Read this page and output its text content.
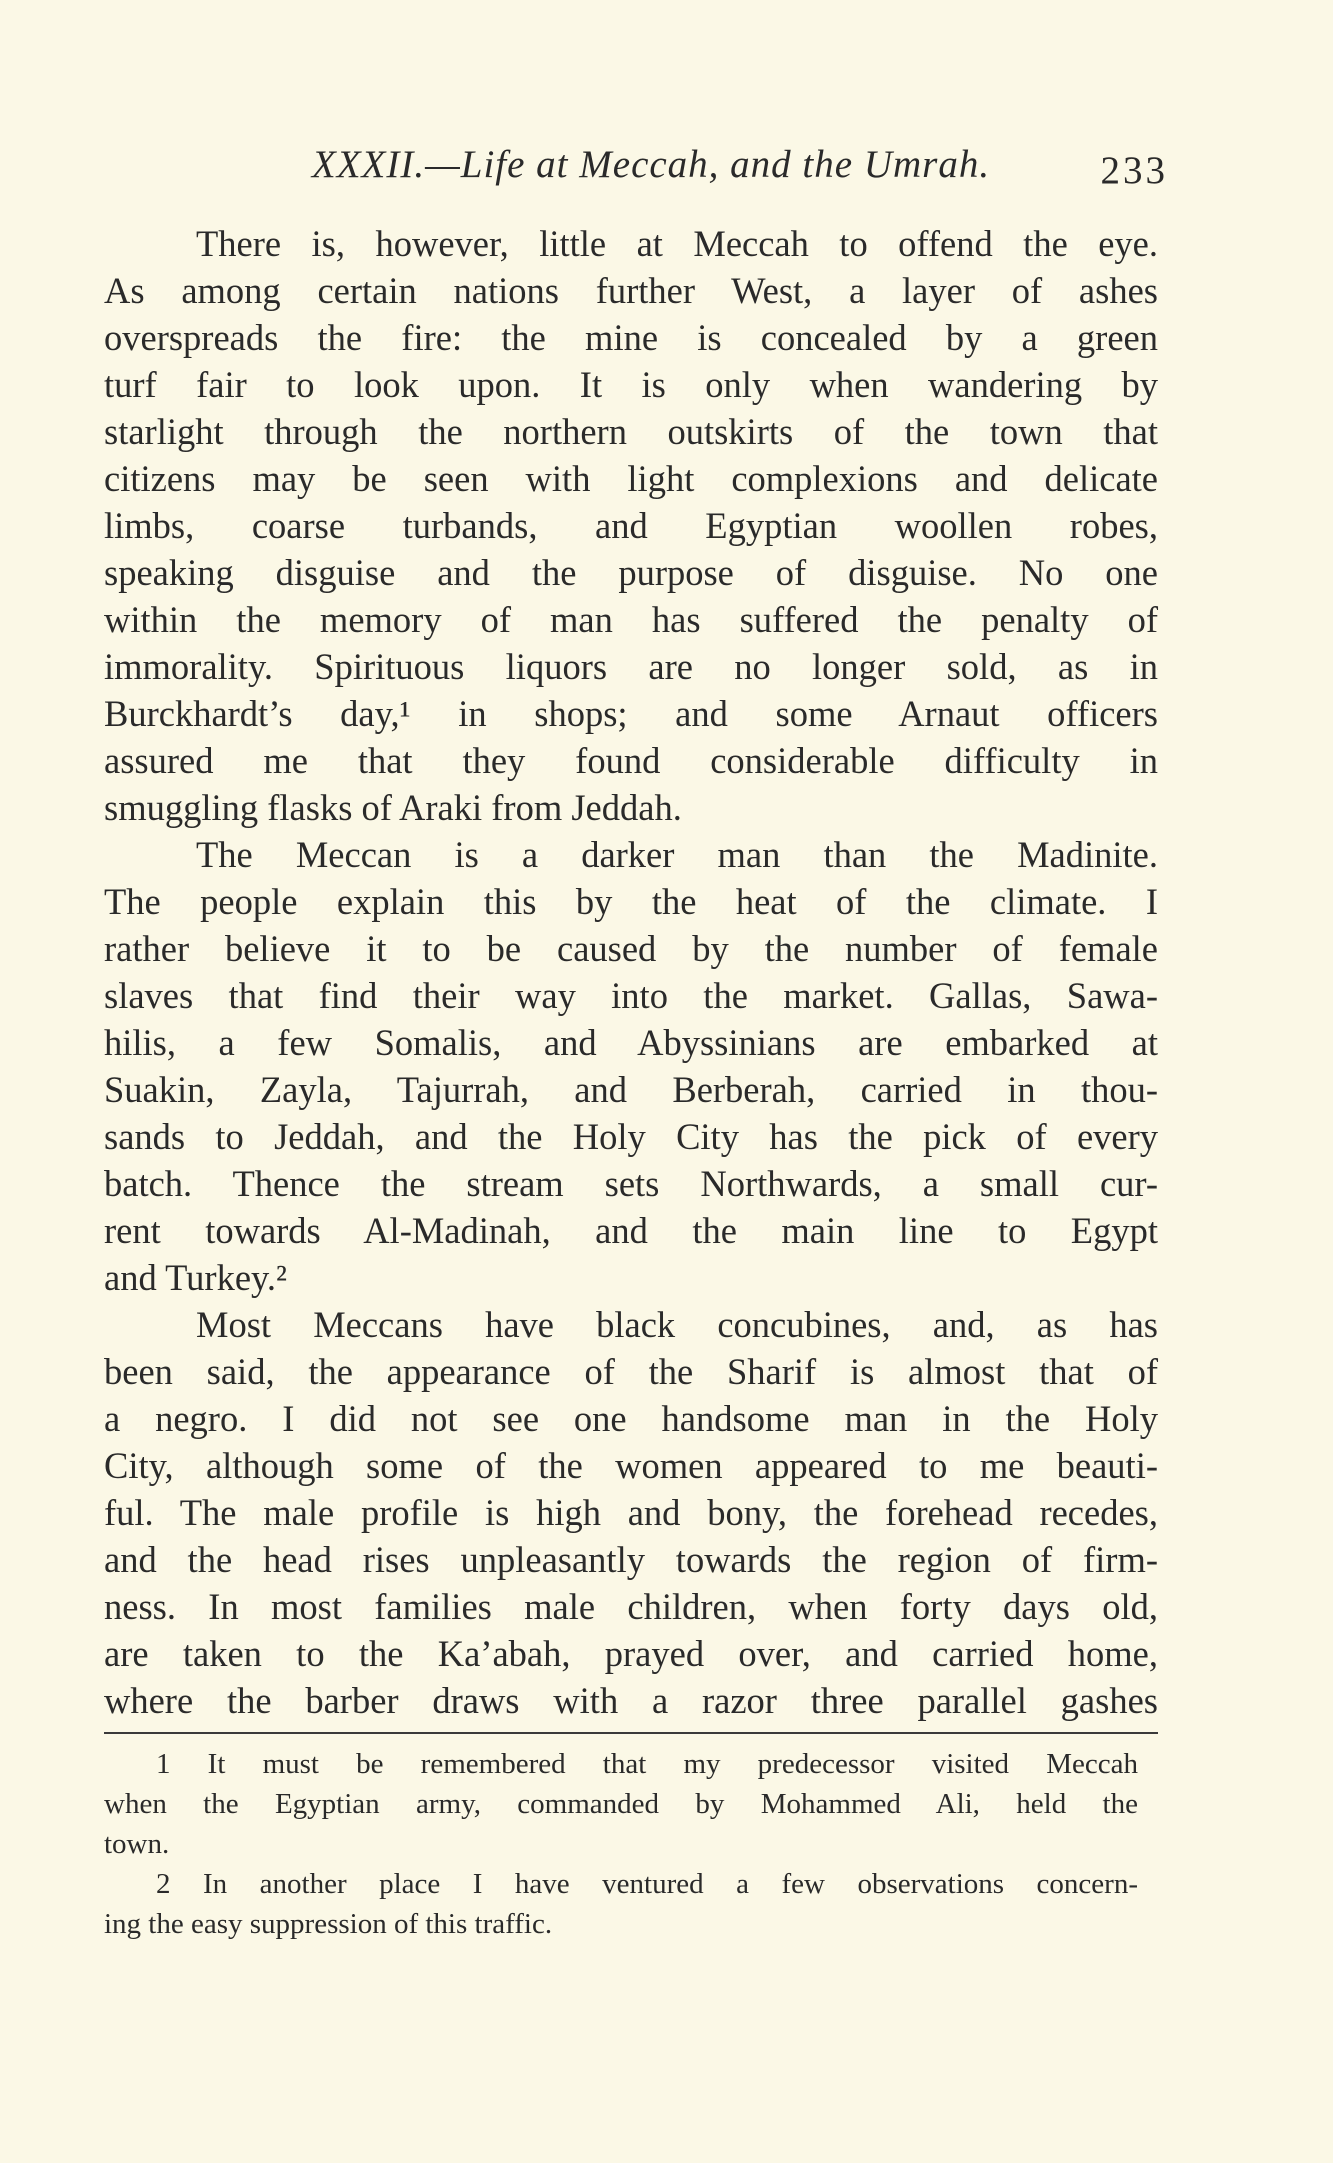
XXXII.—Life at Meccah, and the Umrah.	233
There is, however, little at Meccah to offend the eye.
As among certain nations further West, a layer of ashes
overspreads the fire: the mine is concealed by a green
turf fair to look upon. It is only when wandering by
starlight through the northern outskirts of the town that
citizens may be seen with light complexions and delicate
limbs, coarse turbands, and Egyptian woollen robes,
speaking disguise and the purpose of disguise. No one
within the memory of man has suffered the penalty of
immorality. Spirituous liquors are no longer sold, as in
Burckhardt’s day,¹ in shops; and some Arnaut officers
assured me that they found considerable difficulty in
smuggling flasks of Araki from Jeddah.
The Meccan is a darker man than the Madinite.
The people explain this by the heat of the climate. I
rather believe it to be caused by the number of female
slaves that find their way into the market. Gallas, Sawa-
hilis, a few Somalis, and Abyssinians are embarked at
Suakin, Zayla, Tajurrah, and Berberah, carried in thou-
sands to Jeddah, and the Holy City has the pick of every
batch. Thence the stream sets Northwards, a small cur-
rent towards Al-Madinah, and the main line to Egypt
and Turkey.²
Most Meccans have black concubines, and, as has
been said, the appearance of the Sharif is almost that of
a negro. I did not see one handsome man in the Holy
City, although some of the women appeared to me beauti-
ful. The male profile is high and bony, the forehead recedes,
and the head rises unpleasantly towards the region of firm-
ness. In most families male children, when forty days old,
are taken to the Ka’abah, prayed over, and carried home,
where the barber draws with a razor three parallel gashes
1 It must be remembered that my predecessor visited Meccah
when the Egyptian army, commanded by Mohammed Ali, held the
town.
2 In another place I have ventured a few observations concern-
ing the easy suppression of this traffic.
